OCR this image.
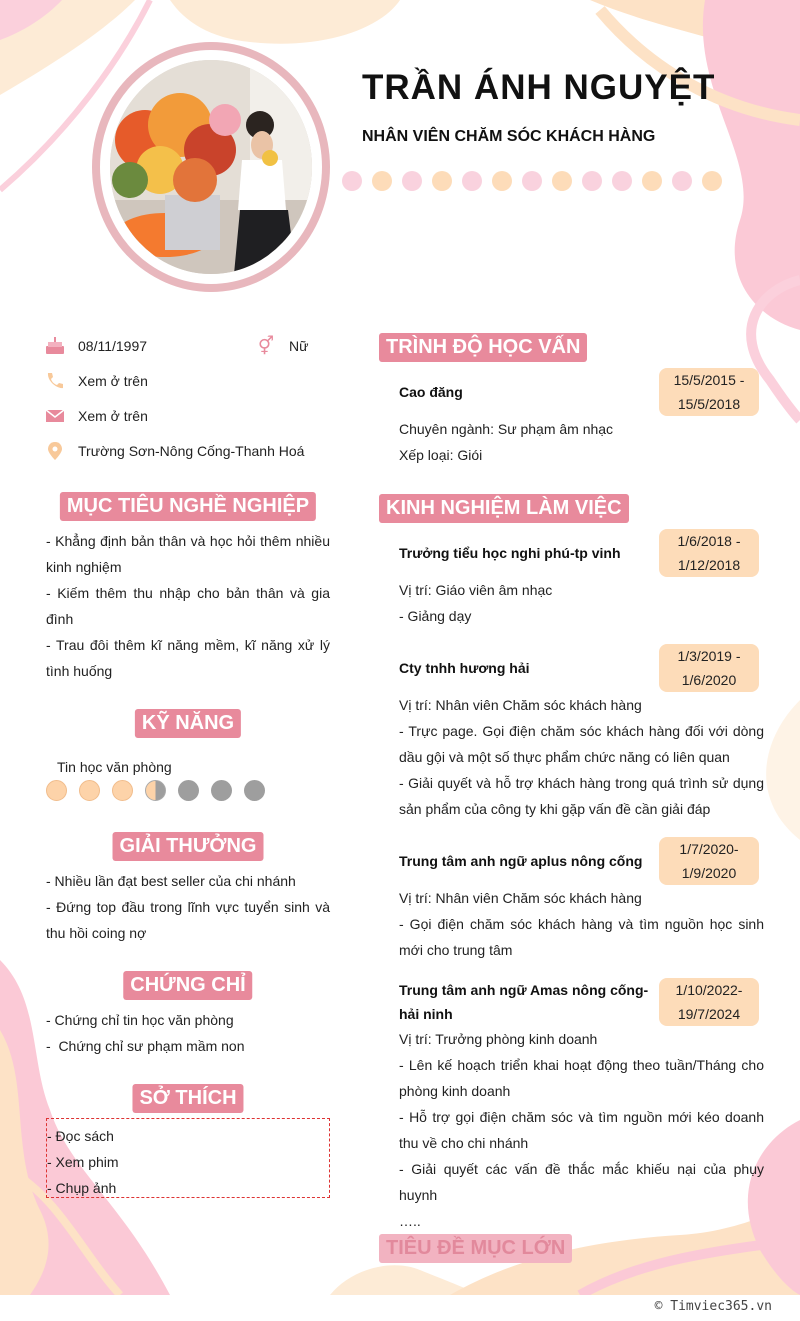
TRẦN ÁNH NGUYỆT
NHÂN VIÊN CHĂM SÓC KHÁCH HÀNG
08/11/1997	⚥ Nữ
Xem ở trên
Xem ở trên
Trường Sơn-Nông Cống-Thanh Hoá
MỤC TIÊU NGHỀ NGHIỆP
- Khẳng định bản thân và học hỏi thêm nhiều kinh nghiệm
- Kiếm thêm thu nhập cho bản thân và gia đình
- Trau đôi thêm kĩ năng mềm, kĩ năng xử lý tình huống
KỸ NĂNG
Tin học văn phòng
GIẢI THƯỞNG
- Nhiều lần đạt best seller của chi nhánh
- Đứng top đầu trong lĩnh vực tuyển sinh và thu hồi coing nợ
CHỨNG CHỈ
- Chứng chỉ tin học văn phòng
-  Chứng chỉ sư phạm mầm non
SỞ THÍCH
- Đọc sách
- Xem phim
- Chụp ảnh
TRÌNH ĐỘ HỌC VẤN
Cao đăng
15/5/2015 -
15/5/2018
Chuyên ngành: Sư phạm âm nhạc
Xếp loại: Giói
KINH NGHIỆM LÀM VIỆC
Trưởng tiểu học nghi phú-tp vinh
1/6/2018 -
1/12/2018
Vị trí: Giáo viên âm nhạc
- Giảng dạy
Cty tnhh hương hải
1/3/2019 -
1/6/2020
Vị trí: Nhân viên Chăm sóc khách hàng
- Trực page. Gọi điện chăm sóc khách hàng đối với dòng dầu gội và một số thực phẩm chức năng có liên quan
- Giải quyết và hỗ trợ khách hàng trong quá trình sử dụng sản phẩm của công ty khi gặp vấn đề cần giải đáp
Trung tâm anh ngữ aplus nông cống
1/7/2020-
1/9/2020
Vị trí: Nhân viên Chăm sóc khách hàng
- Gọi điện chăm sóc khách hàng và tìm nguồn học sinh mới cho trung tâm
Trung tâm anh ngữ Amas nông cống-hải ninh
1/10/2022-
19/7/2024
Vị trí: Trưởng phòng kinh doanh
- Lên kế hoạch triển khai hoạt động theo tuần/Tháng cho phòng kinh doanh
- Hỗ trợ gọi điện chăm sóc và tìm nguồn mới kéo doanh thu về cho chi nhánh
- Giải quyết các vấn đề thắc mắc khiếu nại của phụy huynh
…..
TIÊU ĐỀ MỤC LỚN
© Timviec365.vn
